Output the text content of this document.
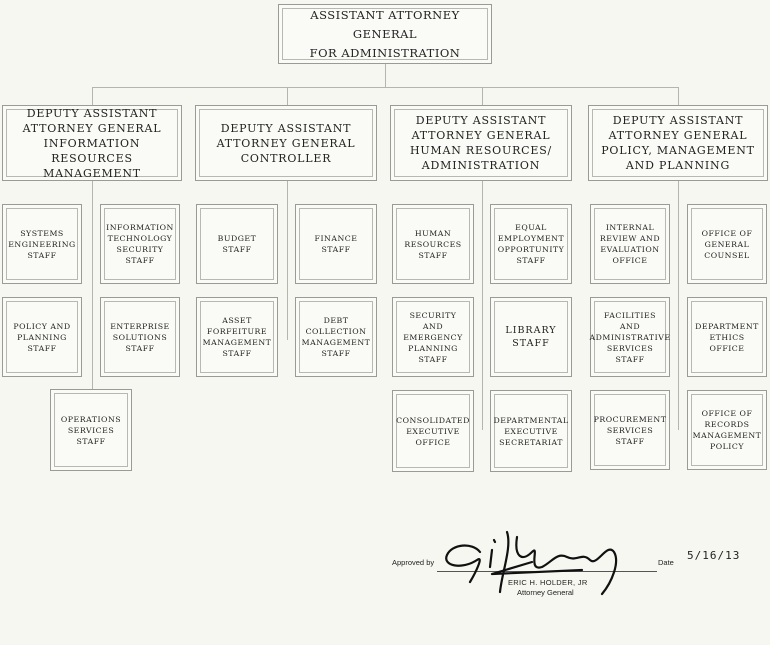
ASSISTANT ATTORNEY GENERAL
FOR ADMINISTRATION
DEPUTY ASSISTANT
ATTORNEY GENERAL
INFORMATION RESOURCES
MANAGEMENT
DEPUTY ASSISTANT
ATTORNEY GENERAL
CONTROLLER
DEPUTY ASSISTANT
ATTORNEY GENERAL
HUMAN RESOURCES/
ADMINISTRATION
DEPUTY ASSISTANT
ATTORNEY GENERAL
POLICY, MANAGEMENT
AND PLANNING
SYSTEMS
ENGINEERING
STAFF
INFORMATION
TECHNOLOGY
SECURITY
STAFF
POLICY AND
PLANNING
STAFF
ENTERPRISE
SOLUTIONS
STAFF
OPERATIONS
SERVICES
STAFF
BUDGET
STAFF
FINANCE
STAFF
ASSET
FORFEITURE
MANAGEMENT
STAFF
DEBT
COLLECTION
MANAGEMENT
STAFF
HUMAN
RESOURCES
STAFF
EQUAL
EMPLOYMENT
OPPORTUNITY
STAFF
SECURITY
AND
EMERGENCY
PLANNING
STAFF
LIBRARY
STAFF
CONSOLIDATED
EXECUTIVE
OFFICE
DEPARTMENTAL
EXECUTIVE
SECRETARIAT
INTERNAL
REVIEW AND
EVALUATION
OFFICE
OFFICE OF
GENERAL
COUNSEL
FACILITIES
AND
ADMINISTRATIVE
SERVICES
STAFF
DEPARTMENT
ETHICS
OFFICE
PROCUREMENT
SERVICES
STAFF
OFFICE OF
RECORDS
MANAGEMENT
POLICY
Approved by
ERIC H. HOLDER, JR
Attorney General
Date
5/16/13
